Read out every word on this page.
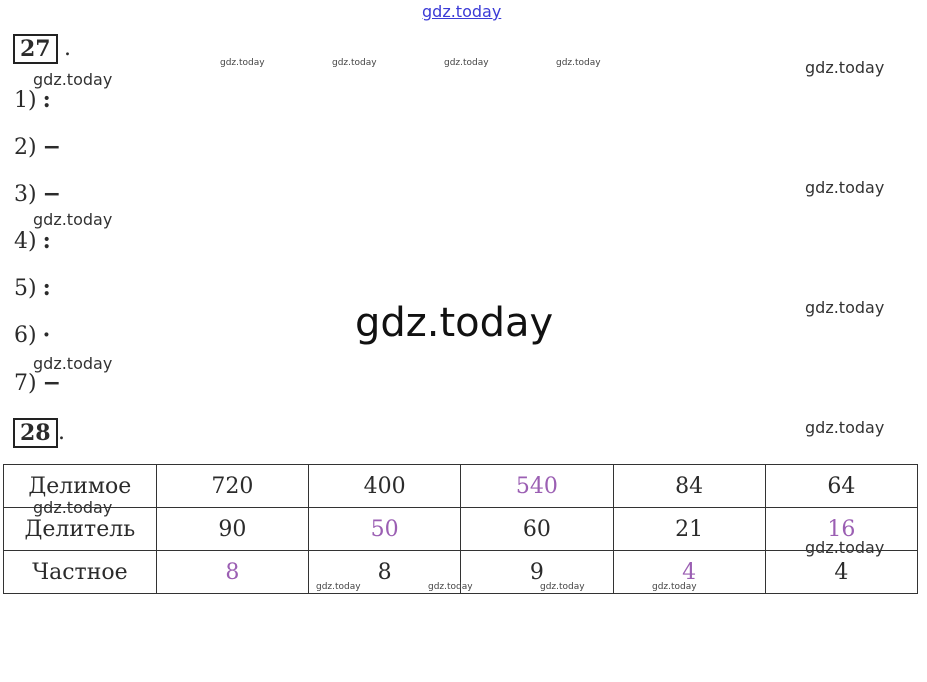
gdz.today
gdz.today	gdz.today	gdz.today	gdz.today	gdz.today
gdz.today
gdz.today
gdz.today
gdz.today
gdz.today
gdz.today
gdz.today
gdz.today
gdz.today
27 .
1) :
2) −
3) −
4) :
5) :
6) ·
7) −
28 .
Делимое	720	400	540	84	64
Делитель	90	50	60	21	16
Частное	8	8	9	4	4
gdz.today	gdz.today	gdz.today	gdz.today
